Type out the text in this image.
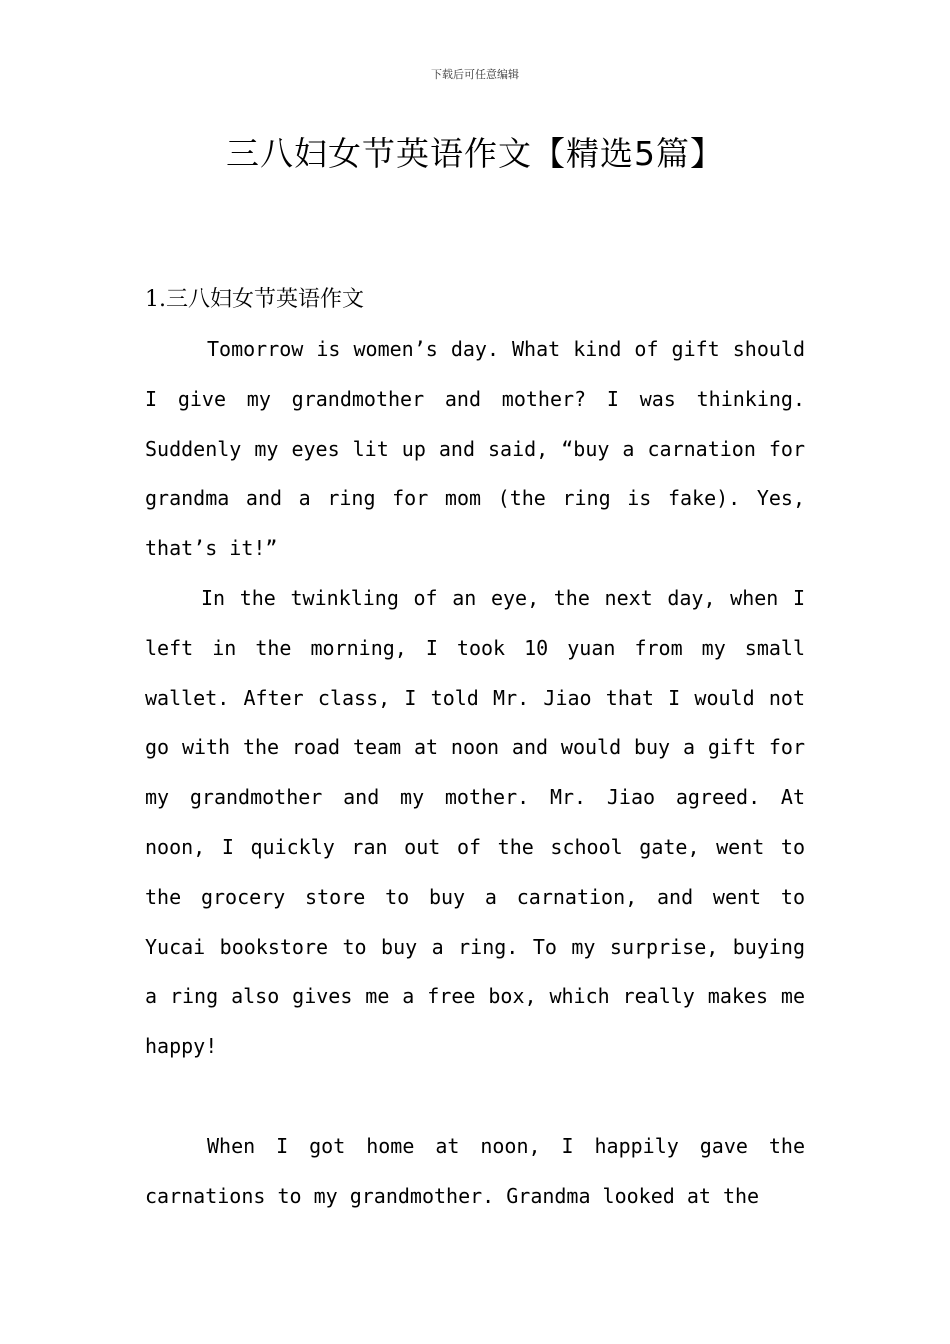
下载后可任意编辑
三八妇女节英语作文【精选5篇】
1.三八妇女节英语作文

Tomorrow is women’s day. What kind of gift should I give my grandmother and mother? I was thinking. Suddenly my eyes lit up and said, “buy a carnation for grandma and a ring for mom (the ring is fake). Yes, that’s it!”

In the twinkling of an eye, the next day, when I left in the morning, I took 10 yuan from my small wallet. After class, I told Mr. Jiao that I would not go with the road team at noon and would buy a gift for my grandmother and my mother. Mr. Jiao agreed. At noon, I quickly ran out of the school gate, went to the grocery store to buy a carnation, and went to Yucai bookstore to buy a ring. To my surprise, buying a ring also gives me a free box, which really makes me happy!

When I got home at noon, I happily gave the carnations to my grandmother. Grandma looked at the
